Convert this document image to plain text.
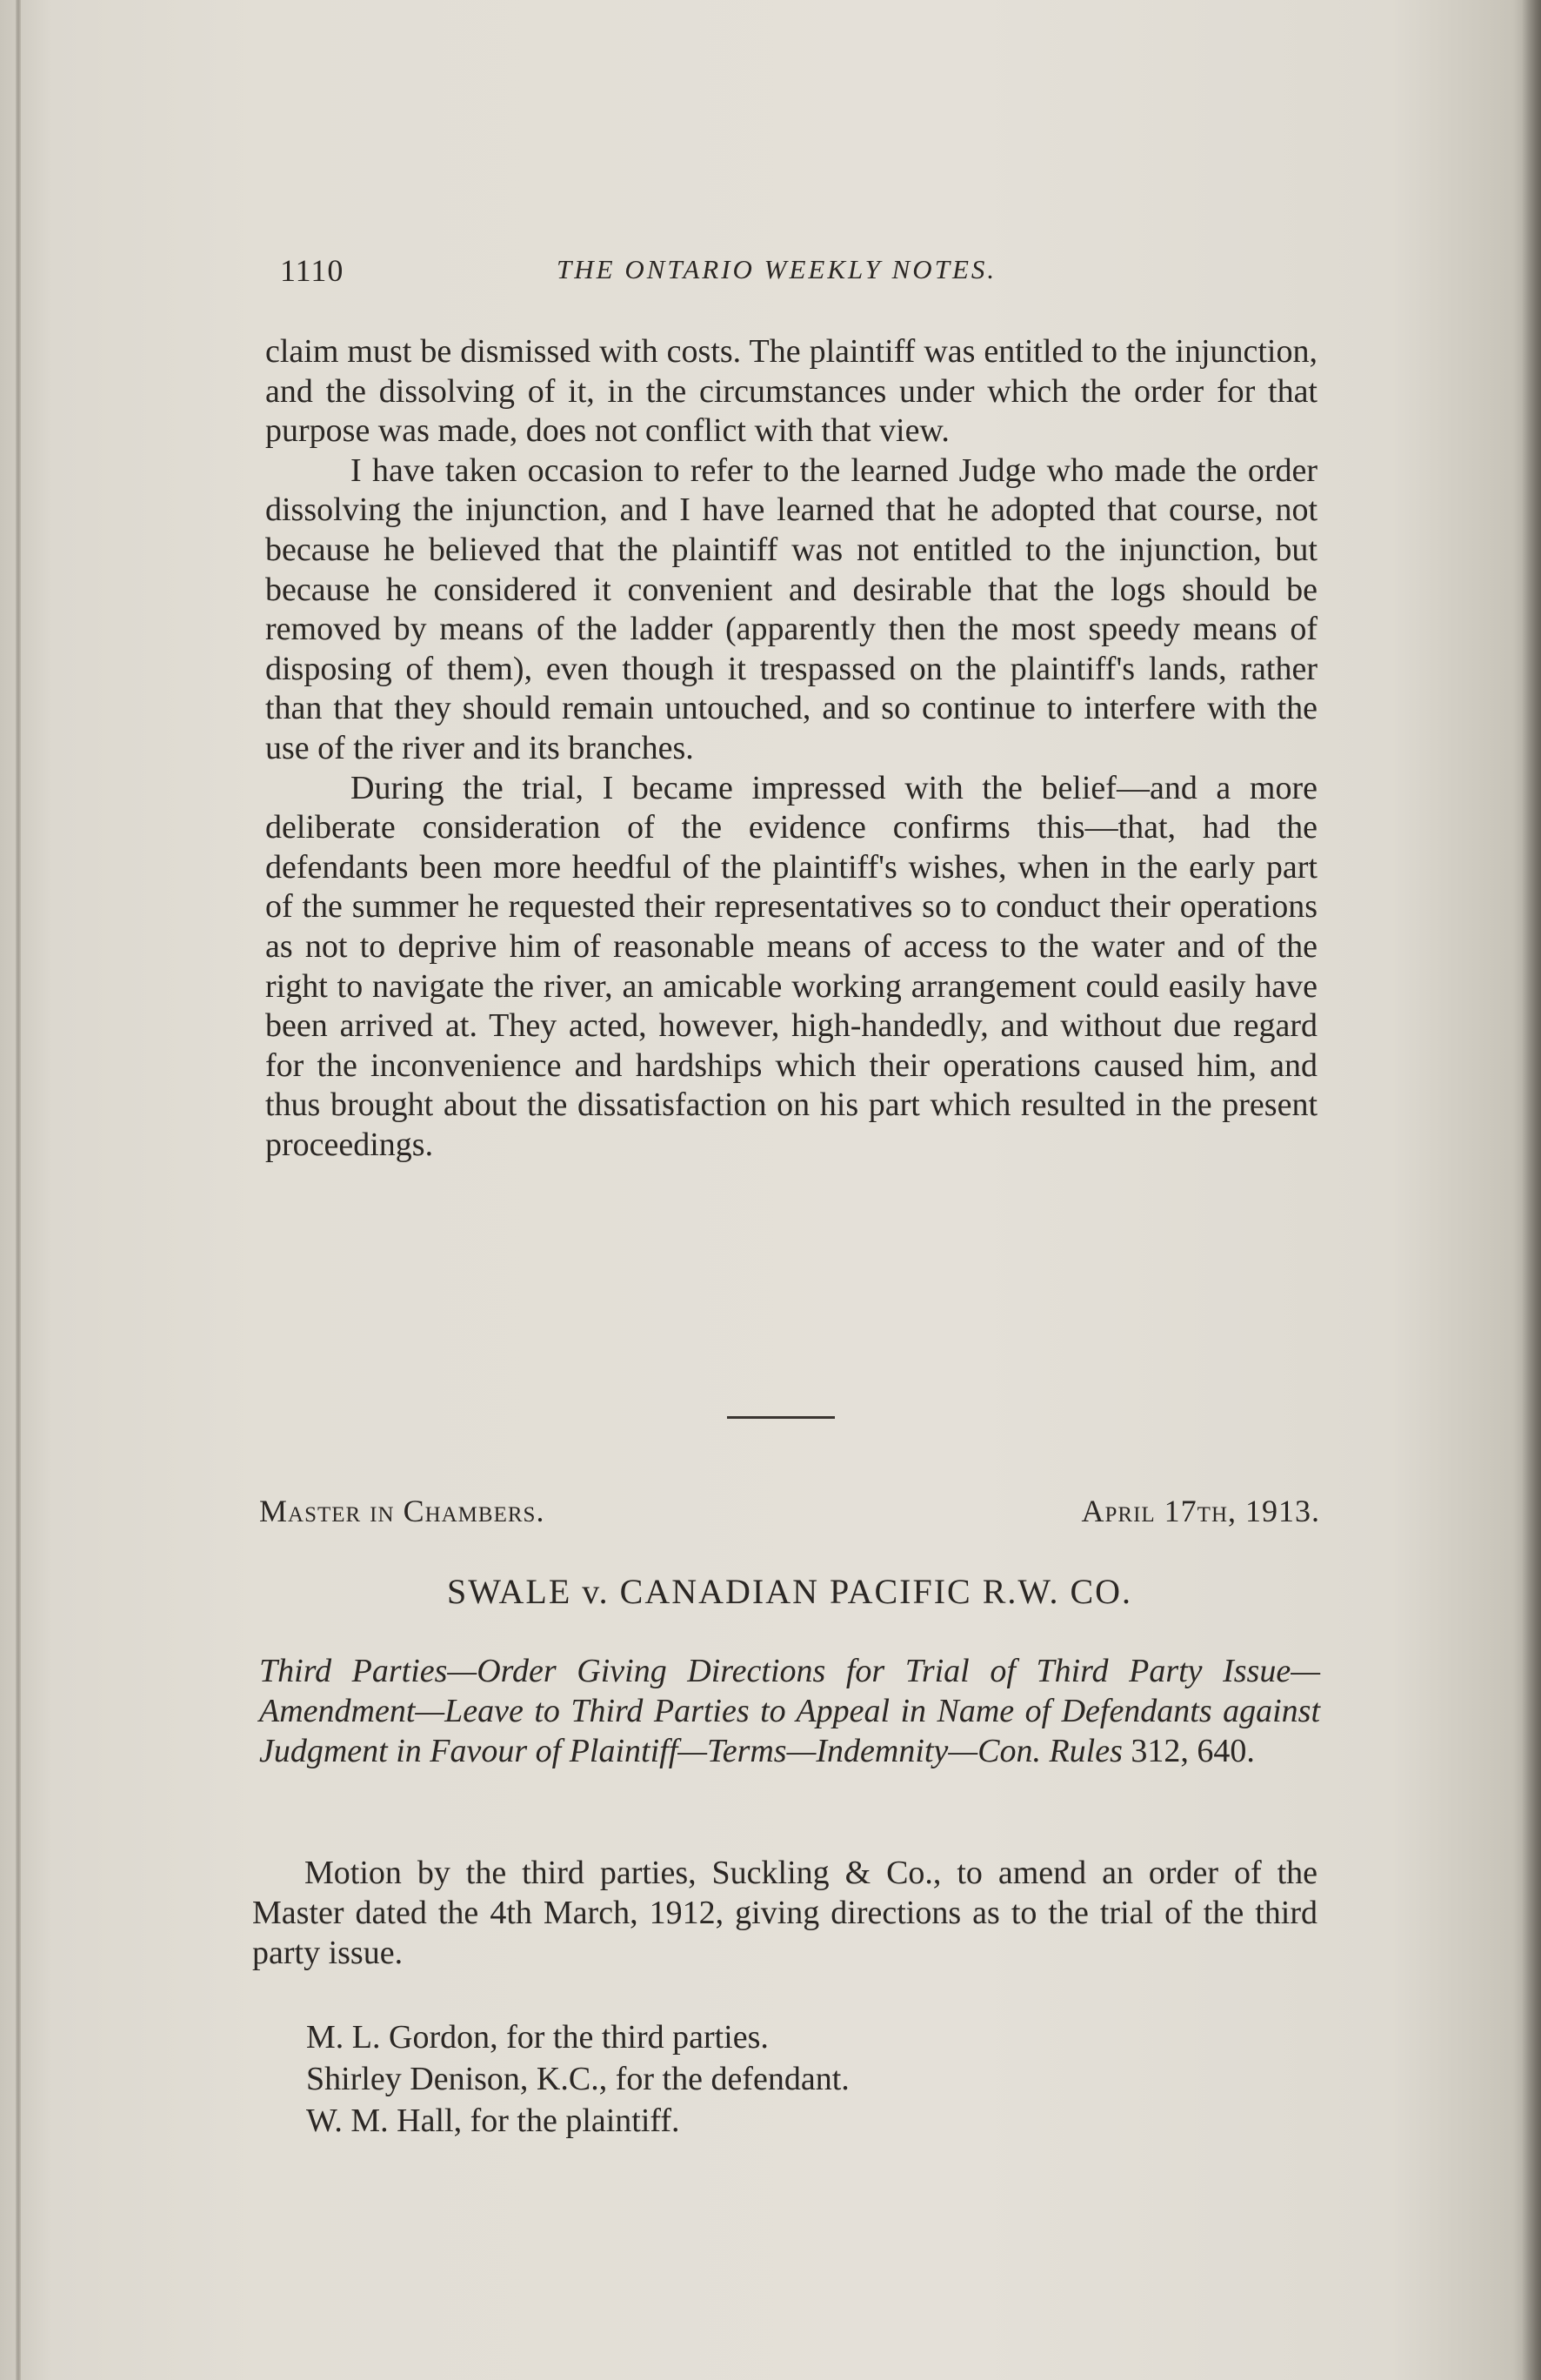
1110	THE ONTARIO WEEKLY NOTES.

claim must be dismissed with costs. The plaintiff was entitled to the injunction, and the dissolving of it, in the circumstances under which the order for that purpose was made, does not conflict with that view.

I have taken occasion to refer to the learned Judge who made the order dissolving the injunction, and I have learned that he adopted that course, not because he believed that the plaintiff was not entitled to the injunction, but because he considered it convenient and desirable that the logs should be removed by means of the ladder (apparently then the most speedy means of disposing of them), even though it trespassed on the plaintiff's lands, rather than that they should remain untouched, and so continue to interfere with the use of the river and its branches.

During the trial, I became impressed with the belief—and a more deliberate consideration of the evidence confirms this—that, had the defendants been more heedful of the plaintiff's wishes, when in the early part of the summer he requested their representatives so to conduct their operations as not to deprive him of reasonable means of access to the water and of the right to navigate the river, an amicable working arrangement could easily have been arrived at. They acted, however, high-handedly, and without due regard for the inconvenience and hardships which their operations caused him, and thus brought about the dissatisfaction on his part which resulted in the present proceedings.

Master in Chambers.	April 17th, 1913.
SWALE v. CANADIAN PACIFIC R.W. CO.
Third Parties—Order Giving Directions for Trial of Third Party Issue—Amendment—Leave to Third Parties to Appeal in Name of Defendants against Judgment in Favour of Plaintiff—Terms—Indemnity—Con. Rules 312, 640.

Motion by the third parties, Suckling & Co., to amend an order of the Master dated the 4th March, 1912, giving directions as to the trial of the third party issue.

M. L. Gordon, for the third parties.
Shirley Denison, K.C., for the defendant.
W. M. Hall, for the plaintiff.
